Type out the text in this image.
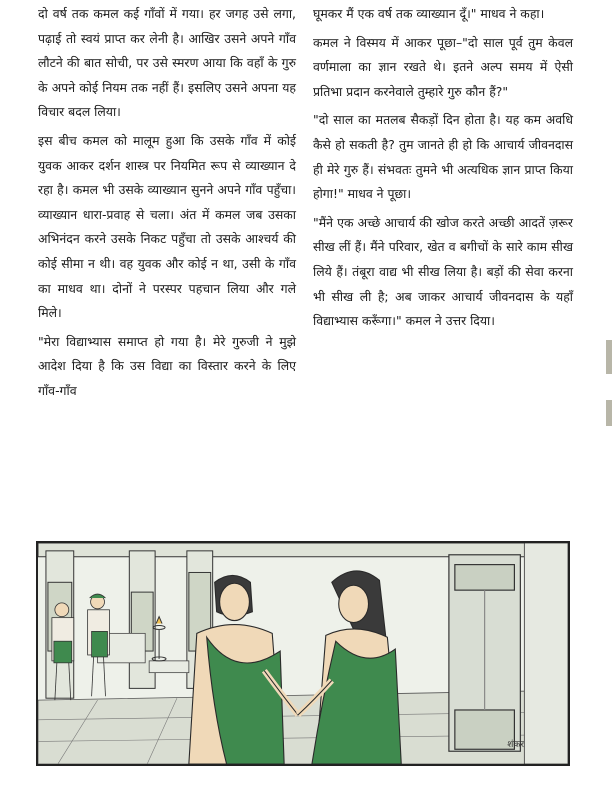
दो वर्ष तक कमल कई गाँवों में गया। हर जगह उसे लगा, पढ़ाई तो स्वयं प्राप्त कर लेनी है। आखिर उसने अपने गाँव लौटने की बात सोची, पर उसे स्मरण आया कि वहाँ के गुरु के अपने कोई नियम तक नहीं हैं। इसलिए उसने अपना यह विचार बदल लिया।

इस बीच कमल को मालूम हुआ कि उसके गाँव में कोई युवक आकर दर्शन शास्त्र पर नियमित रूप से व्याख्यान दे रहा है। कमल भी उसके व्याख्यान सुनने अपने गाँव पहुँचा। व्याख्यान धारा-प्रवाह से चला। अंत में कमल जब उसका अभिनंदन करने उसके निकट पहुँचा तो उसके आश्चर्य की कोई सीमा न थी। वह युवक और कोई न था, उसी के गाँव का माधव था। दोनों ने परस्पर पहचान लिया और गले मिले।

"मेरा विद्याभ्यास समाप्त हो गया है। मेरे गुरुजी ने मुझे आदेश दिया है कि उस विद्या का विस्तार करने के लिए गाँव-गाँव

घूमकर मैं एक वर्ष तक व्याख्यान दूँ।" माधव ने कहा।

कमल ने विस्मय में आकर पूछा–"दो साल पूर्व तुम केवल वर्णमाला का ज्ञान रखते थे। इतने अल्प समय में ऐसी प्रतिभा प्रदान करनेवाले तुम्हारे गुरु कौन हैं?"

"दो साल का मतलब सैकड़ों दिन होता है। यह कम अवधि कैसे हो सकती है? तुम जानते ही हो कि आचार्य जीवनदास ही मेरे गुरु हैं। संभवतः तुमने भी अत्यधिक ज्ञान प्राप्त किया होगा!" माधव ने पूछा।

"मैंने एक अच्छे आचार्य की खोज करते अच्छी आदतें ज़रूर सीख लीं हैं। मैंने परिवार, खेत व बगीचों के सारे काम सीख लिये हैं। तंबूरा वाद्य भी सीख लिया है। बड़ों की सेवा करना भी सीख ली है; अब जाकर आचार्य जीवनदास के यहाँ विद्याभ्यास करूँगा।" कमल ने उत्तर दिया।

शंकर
